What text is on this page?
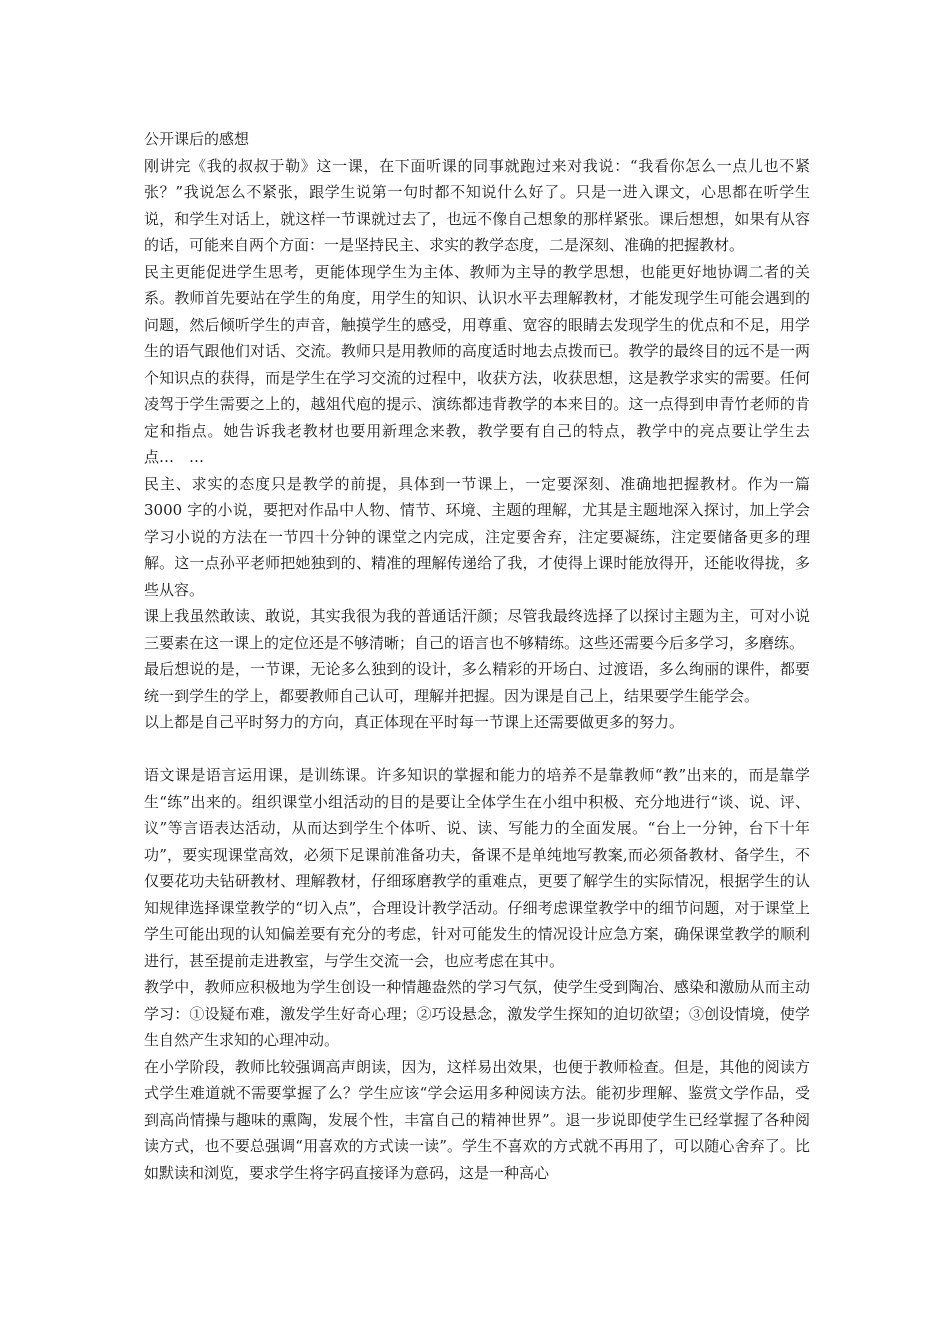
公开课后的感想

刚讲完《我的叔叔于勒》这一课，在下面听课的同事就跑过来对我说：“我看你怎么一点儿也不紧张？”我说怎么不紧张，跟学生说第一句时都不知说什么好了。只是一进入课文，心思都在听学生说，和学生对话上，就这样一节课就过去了，也远不像自己想象的那样紧张。课后想想，如果有从容的话，可能来自两个方面：一是坚持民主、求实的教学态度，二是深刻、准确的把握教材。

民主更能促进学生思考，更能体现学生为主体、教师为主导的教学思想，也能更好地协调二者的关系。教师首先要站在学生的角度，用学生的知识、认识水平去理解教材，才能发现学生可能会遇到的问题，然后倾听学生的声音，触摸学生的感受，用尊重、宽容的眼睛去发现学生的优点和不足，用学生的语气跟他们对话、交流。教师只是用教师的高度适时地去点拨而已。教学的最终目的远不是一两个知识点的获得，而是学生在学习交流的过程中，收获方法，收获思想，这是教学求实的需要。任何凌驾于学生需要之上的，越俎代庖的提示、演练都违背教学的本来目的。这一点得到申青竹老师的肯定和指点。她告诉我老教材也要用新理念来教，教学要有自己的特点，教学中的亮点要让学生去点…　…

民主、求实的态度只是教学的前提，具体到一节课上，一定要深刻、准确地把握教材。作为一篇 3000 字的小说，要把对作品中人物、情节、环境、主题的理解，尤其是主题地深入探讨，加上学会学习小说的方法在一节四十分钟的课堂之内完成，注定要舍弃，注定要凝练，注定要储备更多的理解。这一点孙平老师把她独到的、精准的理解传递给了我，才使得上课时能放得开，还能收得拢，多些从容。

课上我虽然敢读、敢说，其实我很为我的普通话汗颜；尽管我最终选择了以探讨主题为主，可对小说三要素在这一课上的定位还是不够清晰；自己的语言也不够精练。这些还需要今后多学习，多磨练。

最后想说的是，一节课，无论多么独到的设计，多么精彩的开场白、过渡语，多么绚丽的课件，都要统一到学生的学上，都要教师自己认可，理解并把握。因为课是自己上，结果要学生能学会。

以上都是自己平时努力的方向，真正体现在平时每一节课上还需要做更多的努力。

语文课是语言运用课，是训练课。许多知识的掌握和能力的培养不是靠教师“教”出来的，而是靠学生“练”出来的。组织课堂小组活动的目的是要让全体学生在小组中积极、充分地进行“谈、说、评、议”等言语表达活动，从而达到学生个体听、说、读、写能力的全面发展。“台上一分钟，台下十年功”，要实现课堂高效，必须下足课前准备功夫，备课不是单纯地写教案,而必须备教材、备学生，不仅要花功夫钻研教材、理解教材，仔细琢磨教学的重难点，更要了解学生的实际情况，根据学生的认知规律选择课堂教学的“切入点”，合理设计教学活动。仔细考虑课堂教学中的细节问题，对于课堂上学生可能出现的认知偏差要有充分的考虑，针对可能发生的情况设计应急方案，确保课堂教学的顺利进行，甚至提前走进教室，与学生交流一会，也应考虑在其中。

教学中，教师应积极地为学生创设一种情趣盎然的学习气氛，使学生受到陶冶、感染和激励从而主动学习：①设疑布难，激发学生好奇心理；②巧设悬念，激发学生探知的迫切欲望；③创设情境，使学生自然产生求知的心理冲动。

在小学阶段，教师比较强调高声朗读，因为，这样易出效果，也便于教师检查。但是，其他的阅读方式学生难道就不需要掌握了么？学生应该“学会运用多种阅读方法。能初步理解、鉴赏文学作品，受到高尚情操与趣味的熏陶，发展个性，丰富自己的精神世界”。退一步说即使学生已经掌握了各种阅读方式，也不要总强调“用喜欢的方式读一读”。学生不喜欢的方式就不再用了，可以随心舍弃了。比如默读和浏览，要求学生将字码直接译为意码，这是一种高心
